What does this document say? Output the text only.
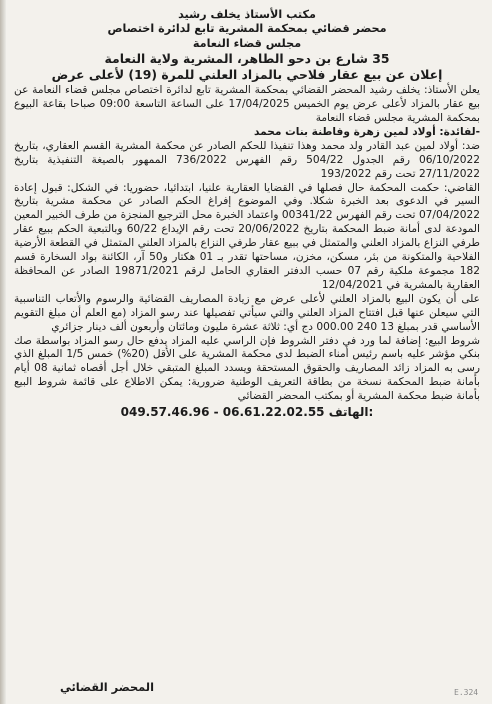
مكتب الأستاذ يخلف رشيد
محضر قضائي بمحكمة المشرية تابع لدائرة اختصاص
مجلس قضاء النعامة
35 شارع بن دحو الطاهر، المشرية ولاية النعامة
إعلان عن بيع عقار فلاحي بالمزاد العلني للمرة (19) لأعلى عرض

يعلن الأستاذ: يخلف رشيد المحضر القضائي بمحكمة المشرية تابع لدائرة اختصاص مجلس قضاء النعامة عن بيع عقار بالمزاد لأعلى عرض يوم الخميس 17/04/2025 على الساعة التاسعة 09:00 صباحا بقاعة البيوع بمحكمة المشرية مجلس قضاء النعامة

-لفائدة: أولاد لمين زهرة وفاطنة بنات محمد

ضد: أولاد لمين عبد القادر ولد محمد وهذا تنفيذا للحكم الصادر عن محكمة المشرية القسم العقاري، بتاريخ 06/10/2022 رقم الجدول 504/22 رقم الفهرس 736/2022 الممهور بالصيغة التنفيذية بتاريخ 27/11/2022 تحت رقم 193/2022

القاضي: حكمت المحكمة حال فصلها في القضايا العقارية علنيا، ابتدائيا، حضوريا: في الشكل: قبول إعادة السير في الدعوى بعد الخبرة شكلا. وفي الموضوع إفراغ الحكم الصادر عن محكمة مشرية بتاريخ 07/04/2022 تحت رقم الفهرس 00341/22 واعتماد الخبرة محل الترجيع المنجزة من طرف الخبير المعين المودعة لدى أمانة ضبط المحكمة بتاريخ 20/06/2022 تحت رقم الإيداع 60/22 وبالتبعية الحكم ببيع عقار طرفي النزاع بالمزاد العلني والمتمثل في ببيع عقار طرفي النزاع بالمزاد العلني المتمثل في القطعة الأرضية الفلاحية والمتكونة من بئر، مسكن، مخزن، مساحتها تقدر بـ 01 هكتار و50 آر، الكائنة بواد السخارة قسم 182 مجموعة ملكية رقم 07 حسب الدفتر العقاري الحامل لرقم 19871/2021 الصادر عن المحافظة العقارية بالمشرية في 12/04/2021

على أن يكون البيع بالمزاد العلني لأعلى عرض مع زيادة المصاريف القضائية والرسوم والأتعاب التناسبية التي سيعلن عنها قبل افتتاح المزاد العلني والتي سيأتي تفصيلها عند رسو المزاد (مع العلم أن مبلغ التقويم الأساسي قدر بمبلغ 13 240 000.00 دج أي: ثلاثة عشرة مليون ومائتان وأربعون ألف دينار جزائري

شروط البيع: إضافة لما ورد في دفتر الشروط فإن الراسي عليه المزاد يدفع حال رسو المزاد بواسطة صك بنكي مؤشر عليه باسم رئيس أمناء الضبط لدى محكمة المشرية على الأقل (20%) خمس 1/5 المبلغ الذي رسى به المزاد زائد المصاريف والحقوق المستحقة ويسدد المبلغ المتبقي خلال أجل أقصاه ثمانية 08 أيام بأمانة ضبط المحكمة نسخة من بطاقة التعريف الوطنية ضرورية: يمكن الاطلاع على قائمة شروط البيع بأمانة ضبط محكمة المشرية أو بمكتب المحضر القضائي

049.57.46.96 - 06.61.22.02.55 الهاتف:
المحضر القضائي	E.324
